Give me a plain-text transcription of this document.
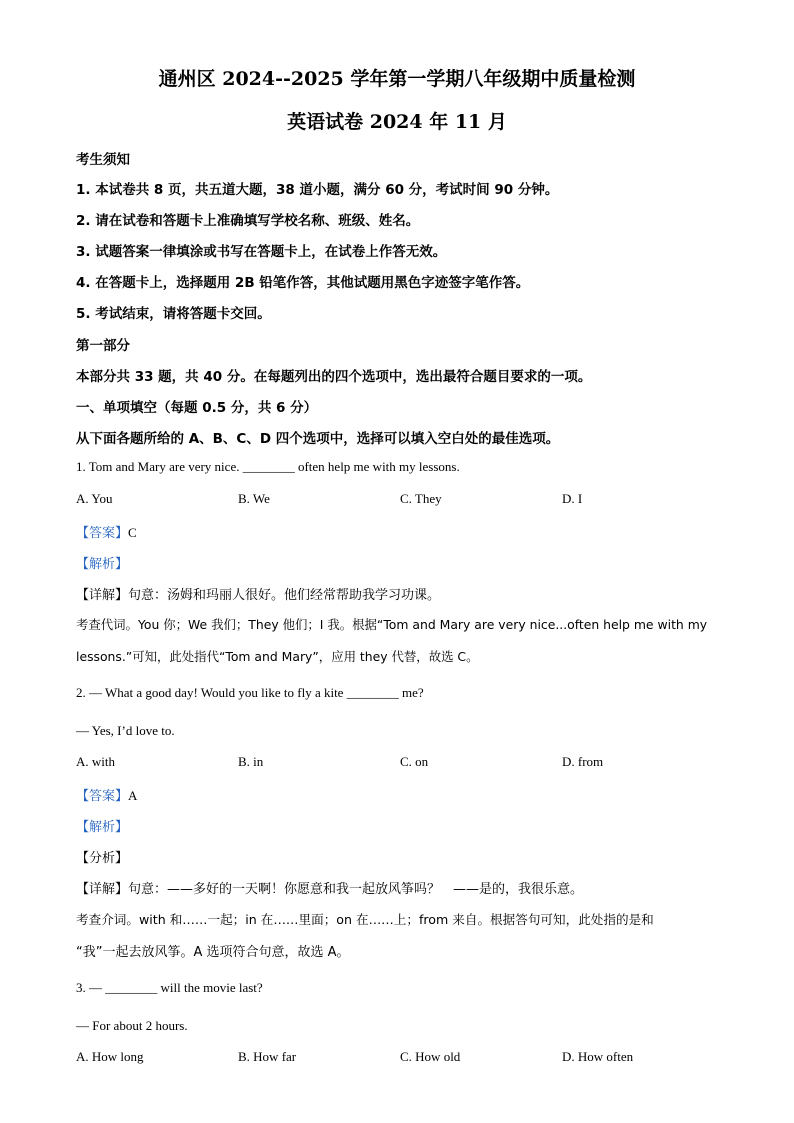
通州区 2024--2025 学年第一学期八年级期中质量检测
英语试卷 2024 年 11 月
考生须知
1. 本试卷共 8 页，共五道大题，38 道小题，满分 60 分，考试时间 90 分钟。
2. 请在试卷和答题卡上准确填写学校名称、班级、姓名。
3. 试题答案一律填涂或书写在答题卡上，在试卷上作答无效。
4. 在答题卡上，选择题用 2B 铅笔作答，其他试题用黑色字迹签字笔作答。
5. 考试结束，请将答题卡交回。
第一部分
本部分共 33 题，共 40 分。在每题列出的四个选项中，选出最符合题目要求的一项。
一、单项填空（每题 0.5 分，共 6 分）
从下面各题所给的 A、B、C、D 四个选项中，选择可以填入空白处的最佳选项。
1. Tom and Mary are very nice. ________ often help me with my lessons.
A. You	B. We	C. They	D. I
【答案】C
【解析】
【详解】句意：汤姆和玛丽人很好。他们经常帮助我学习功课。
考查代词。You 你；We 我们；They 他们；I 我。根据“Tom and Mary are very nice...often help me with my
lessons.”可知，此处指代“Tom and Mary”，应用 they 代替，故选 C。
2. — What a good day! Would you like to fly a kite ________ me?
— Yes, I’d love to.
A. with	B. in	C. on	D. from
【答案】A
【解析】
【分析】
【详解】句意：——多好的一天啊！你愿意和我一起放风筝吗？　——是的，我很乐意。
考查介词。with 和……一起；in 在……里面；on 在……上；from 来自。根据答句可知，此处指的是和
“我”一起去放风筝。A 选项符合句意，故选 A。
3. — ________ will the movie last?
— For about 2 hours.
A. How long	B. How far	C. How old	D. How often
